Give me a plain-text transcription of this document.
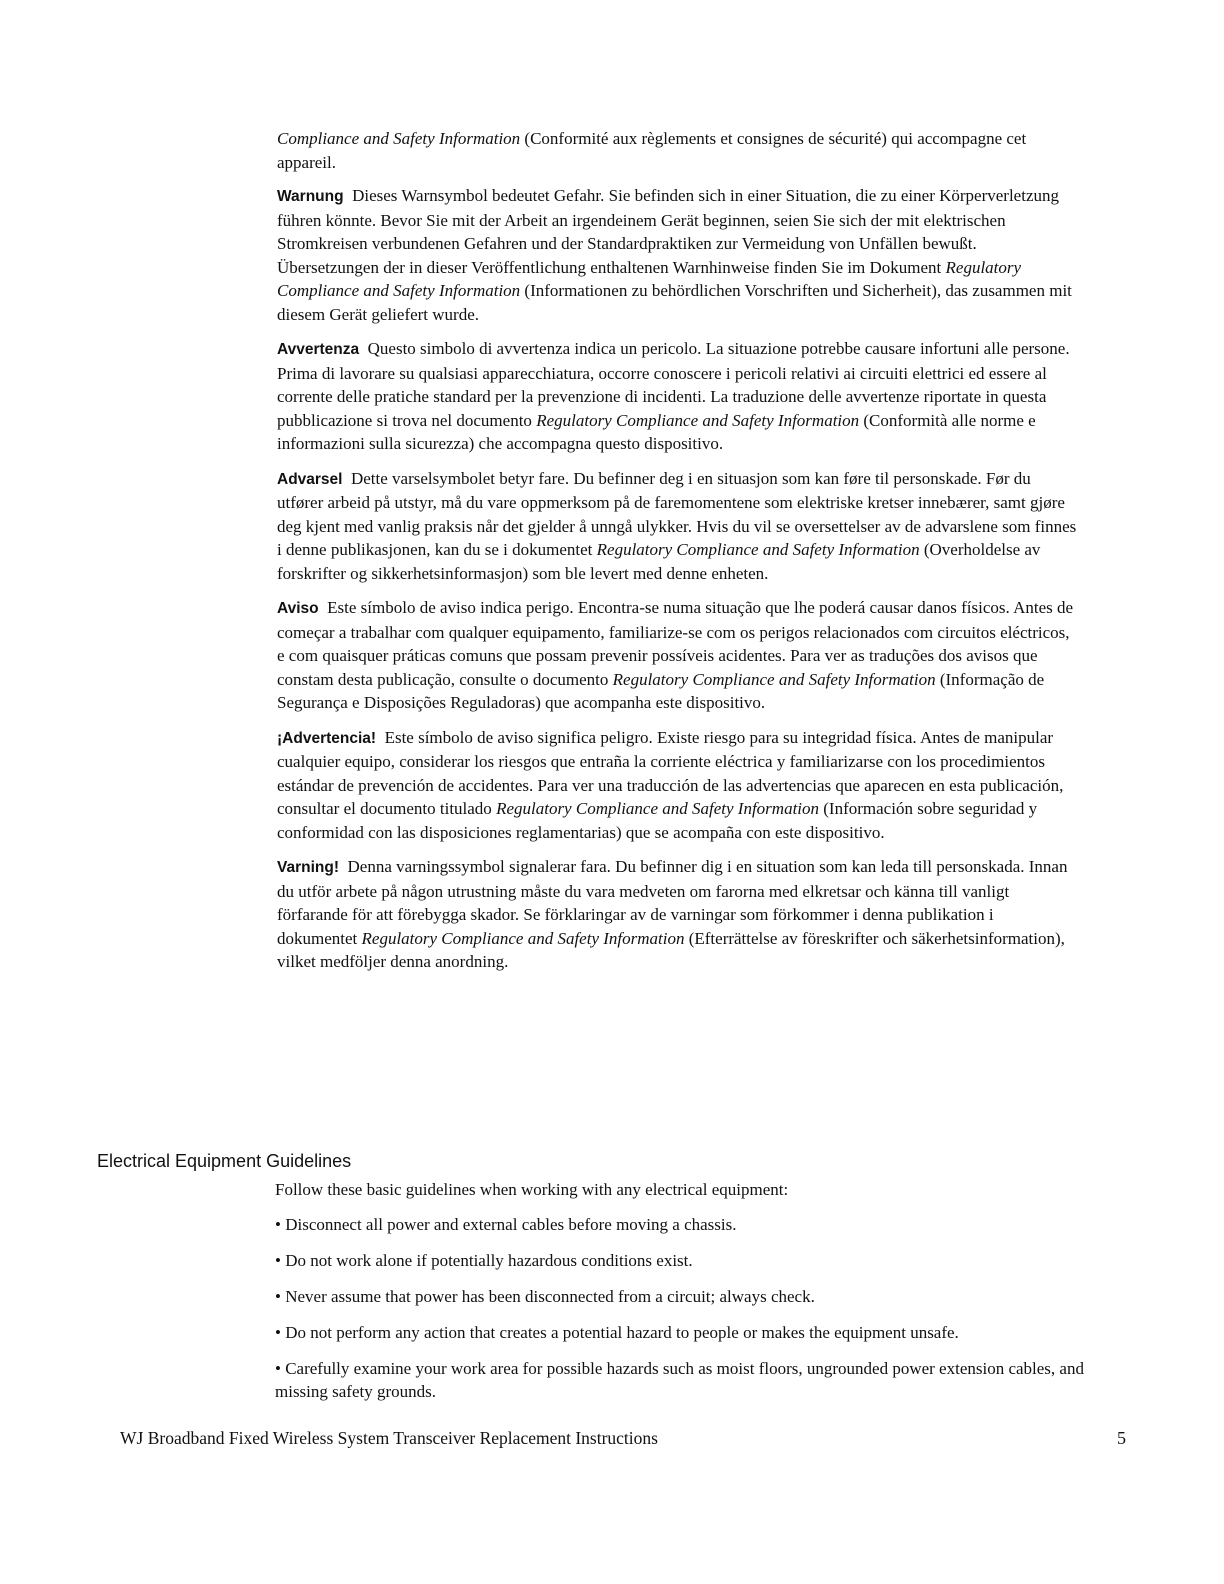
Compliance and Safety Information (Conformité aux règlements et consignes de sécurité) qui accompagne cet appareil.

Warnung Dieses Warnsymbol bedeutet Gefahr. Sie befinden sich in einer Situation, die zu einer Körperverletzung führen könnte. Bevor Sie mit der Arbeit an irgendeinem Gerät beginnen, seien Sie sich der mit elektrischen Stromkreisen verbundenen Gefahren und der Standardpraktiken zur Vermeidung von Unfällen bewußt. Übersetzungen der in dieser Veröffentlichung enthaltenen Warnhinweise finden Sie im Dokument Regulatory Compliance and Safety Information (Informationen zu behördlichen Vorschriften und Sicherheit), das zusammen mit diesem Gerät geliefert wurde.

Avvertenza Questo simbolo di avvertenza indica un pericolo. La situazione potrebbe causare infortuni alle persone. Prima di lavorare su qualsiasi apparecchiatura, occorre conoscere i pericoli relativi ai circuiti elettrici ed essere al corrente delle pratiche standard per la prevenzione di incidenti. La traduzione delle avvertenze riportate in questa pubblicazione si trova nel documento Regulatory Compliance and Safety Information (Conformità alle norme e informazioni sulla sicurezza) che accompagna questo dispositivo.

Advarsel Dette varselsymbolet betyr fare. Du befinner deg i en situasjon som kan føre til personskade. Før du utfører arbeid på utstyr, må du vare oppmerksom på de faremomentene som elektriske kretser innebærer, samt gjøre deg kjent med vanlig praksis når det gjelder å unngå ulykker. Hvis du vil se oversettelser av de advarslene som finnes i denne publikasjonen, kan du se i dokumentet Regulatory Compliance and Safety Information (Overholdelse av forskrifter og sikkerhetsinformasjon) som ble levert med denne enheten.

Aviso Este símbolo de aviso indica perigo. Encontra-se numa situação que lhe poderá causar danos físicos. Antes de começar a trabalhar com qualquer equipamento, familiarize-se com os perigos relacionados com circuitos eléctricos, e com quaisquer práticas comuns que possam prevenir possíveis acidentes. Para ver as traduções dos avisos que constam desta publicação, consulte o documento Regulatory Compliance and Safety Information (Informação de Segurança e Disposições Reguladoras) que acompanha este dispositivo.

¡Advertencia! Este símbolo de aviso significa peligro. Existe riesgo para su integridad física. Antes de manipular cualquier equipo, considerar los riesgos que entraña la corriente eléctrica y familiarizarse con los procedimientos estándar de prevención de accidentes. Para ver una traducción de las advertencias que aparecen en esta publicación, consultar el documento titulado Regulatory Compliance and Safety Information (Información sobre seguridad y conformidad con las disposiciones reglamentarias) que se acompaña con este dispositivo.

Varning! Denna varningssymbol signalerar fara. Du befinner dig i en situation som kan leda till personskada. Innan du utför arbete på någon utrustning måste du vara medveten om farorna med elkretsar och känna till vanligt förfarande för att förebygga skador. Se förklaringar av de varningar som förkommer i denna publikation i dokumentet Regulatory Compliance and Safety Information (Efterrättelse av föreskrifter och säkerhetsinformation), vilket medföljer denna anordning.

Electrical Equipment Guidelines

Follow these basic guidelines when working with any electrical equipment:

• Disconnect all power and external cables before moving a chassis.
• Do not work alone if potentially hazardous conditions exist.
• Never assume that power has been disconnected from a circuit; always check.
• Do not perform any action that creates a potential hazard to people or makes the equipment unsafe.
• Carefully examine your work area for possible hazards such as moist floors, ungrounded power extension cables, and missing safety grounds.

WJ Broadband Fixed Wireless System Transceiver Replacement Instructions	5
